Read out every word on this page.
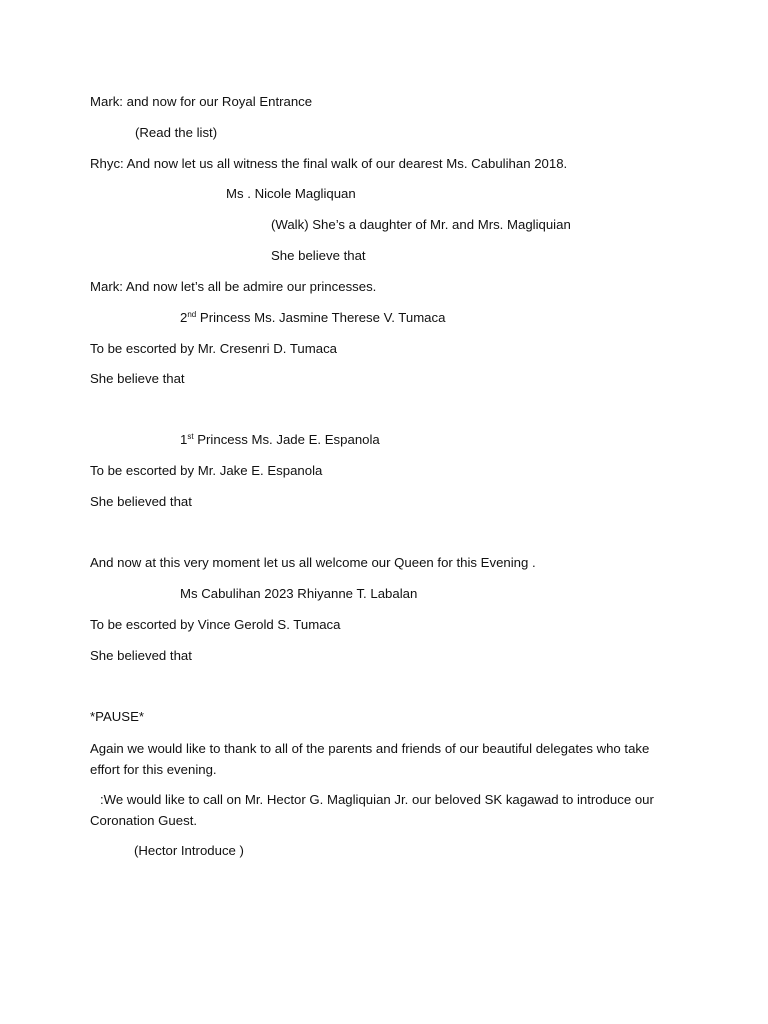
Mark: and now for our Royal Entrance
(Read the list)
Rhyc: And now let us all witness the final walk of our dearest Ms. Cabulihan 2018.
Ms . Nicole Magliquan
(Walk) She’s a daughter of Mr. and Mrs. Magliquian
She believe that
Mark: And now let’s all be admire our princesses.
2nd Princess Ms. Jasmine Therese V. Tumaca
To be escorted by Mr. Cresenri D. Tumaca
She believe that
1st Princess Ms. Jade E. Espanola
To be escorted by Mr. Jake E. Espanola
She believed that
And now at this very moment let us all welcome our Queen for this Evening .
Ms Cabulihan 2023 Rhiyanne T. Labalan
To be escorted by Vince Gerold S. Tumaca
She believed that
*PAUSE*
Again we would like to thank to all of the parents and friends of our beautiful delegates who take effort for this evening.
:We would like to call on Mr. Hector G. Magliquian Jr. our beloved SK kagawad to introduce our Coronation Guest.
(Hector Introduce )
